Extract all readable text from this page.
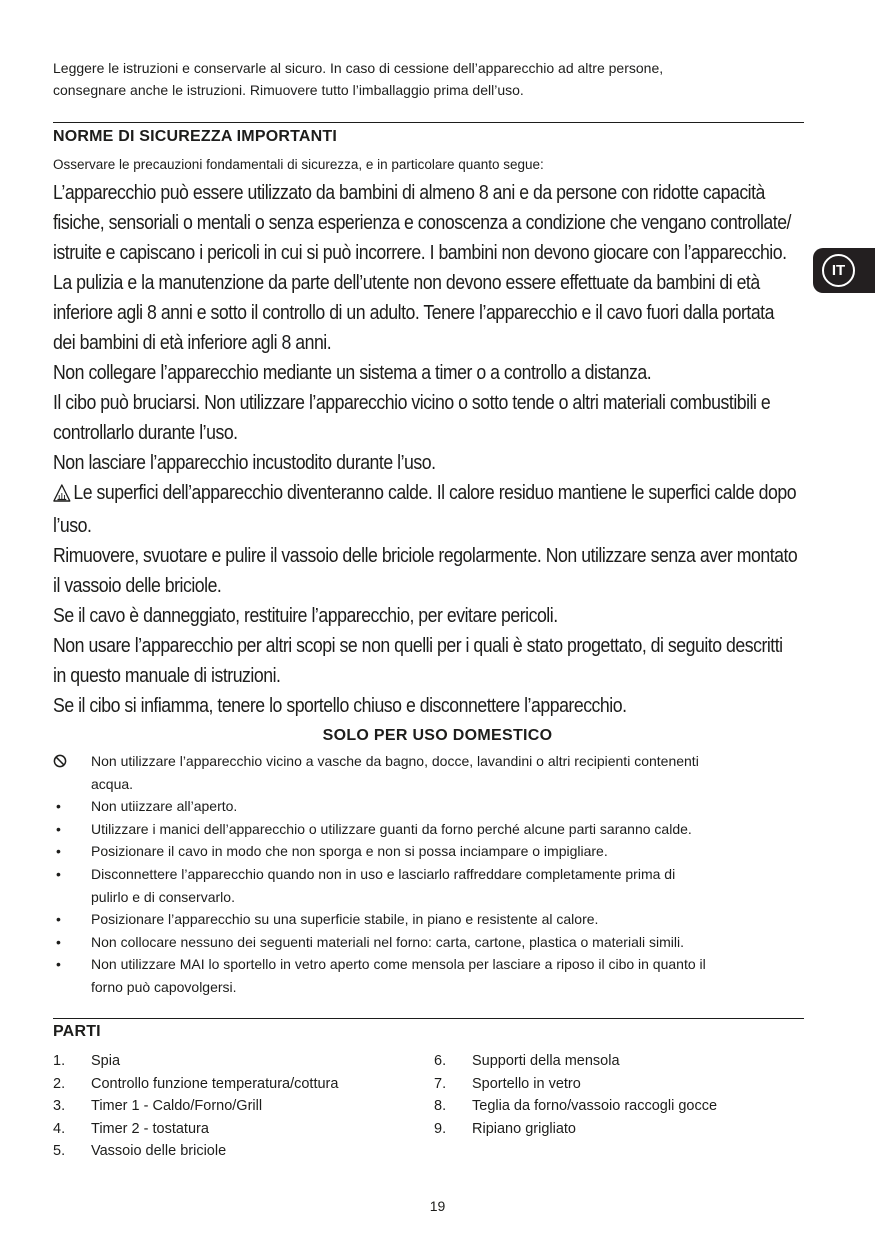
Leggere le istruzioni e conservarle al sicuro. In caso di cessione dell’apparecchio ad altre persone,
consegnare anche le istruzioni. Rimuovere tutto l’imballaggio prima dell’uso.
NORME DI SICUREZZA IMPORTANTI
Osservare le precauzioni fondamentali di sicurezza, e in particolare quanto segue:

L’apparecchio può essere utilizzato da bambini di almeno 8 ani e da persone con ridotte capacità

fisiche, sensoriali o mentali o senza esperienza e conoscenza a condizione che vengano controllate/

istruite e capiscano i pericoli in cui si può incorrere. I bambini non devono giocare con l’apparecchio.

La pulizia e la manutenzione da parte dell’utente non devono essere effettuate da bambini di età

inferiore agli 8 anni e sotto il controllo di un adulto. Tenere l’apparecchio e il cavo fuori dalla portata

dei bambini di età inferiore agli 8 anni.

Non collegare l’apparecchio mediante un sistema a timer o a controllo a distanza.

Il cibo può bruciarsi. Non utilizzare l’apparecchio vicino o sotto tende o altri materiali combustibili e

controllarlo durante l’uso.

Non lasciare l’apparecchio incustodito durante l’uso.

Le superfici dell’apparecchio diventeranno calde. Il calore residuo mantiene le superfici calde dopo

l’uso.

Rimuovere, svuotare e pulire il vassoio delle briciole regolarmente. Non utilizzare senza aver montato

il vassoio delle briciole.

Se il cavo è danneggiato, restituire l’apparecchio, per evitare pericoli.

Non usare l’apparecchio per altri scopi se non quelli per i quali è stato progettato, di seguito descritti

in questo manuale di istruzioni.

Se il cibo si infiamma, tenere lo sportello chiuso e disconnettere l’apparecchio.

IT
SOLO PER USO DOMESTICO
Non utilizzare l’apparecchio vicino a vasche da bagno, docce, lavandini o altri recipienti contenenti
acqua.
•	Non utiizzare all’aperto.
•	Utilizzare i manici dell’apparecchio o utilizzare guanti da forno perché alcune parti saranno calde.
•	Posizionare il cavo in modo che non sporga e non si possa inciampare o impigliare.
•	Disconnettere l’apparecchio quando non in uso e lasciarlo raffreddare completamente prima di
pulirlo e di conservarlo.
•	Posizionare l’apparecchio su una superficie stabile, in piano e resistente al calore.
•	Non collocare nessuno dei seguenti materiali nel forno: carta, cartone, plastica o materiali simili.
•	Non utilizzare MAI lo sportello in vetro aperto come mensola per lasciare a riposo il cibo in quanto il
forno può capovolgersi.
PARTI
1. Spia
2. Controllo funzione temperatura/cottura
3. Timer 1 - Caldo/Forno/Grill
4. Timer 2 - tostatura
5. Vassoio delle briciole
6. Supporti della mensola
7. Sportello in vetro
8. Teglia da forno/vassoio raccogli gocce
9. Ripiano grigliato
19
